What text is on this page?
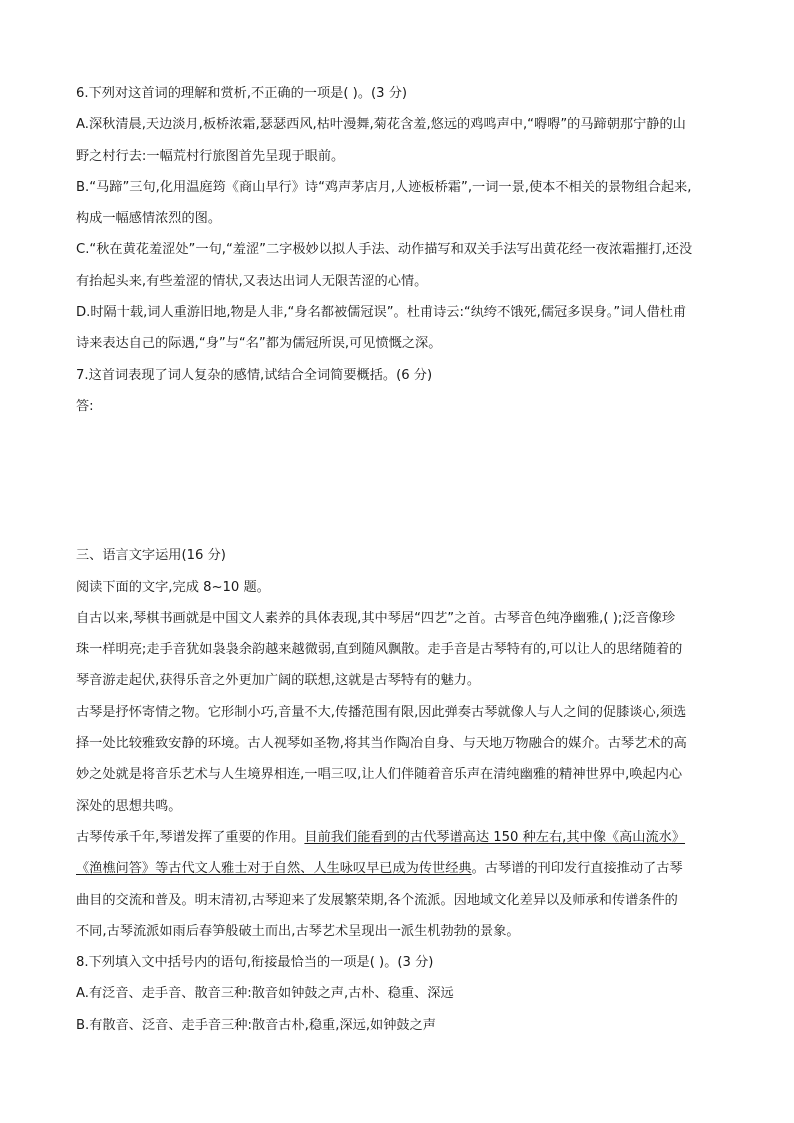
6.下列对这首词的理解和赏析,不正确的一项是( )。(3 分)
A.深秋清晨,天边淡月,板桥浓霜,瑟瑟西风,枯叶漫舞,菊花含羞,悠远的鸡鸣声中,“嘚嘚”的马蹄朝那宁静的山
野之村行去:一幅荒村行旅图首先呈现于眼前。
B.“马蹄”三句,化用温庭筠《商山早行》诗“鸡声茅店月,人迹板桥霜”,一词一景,使本不相关的景物组合起来,
构成一幅感情浓烈的图。
C.“秋在黄花羞涩处”一句,“羞涩”二字极妙以拟人手法、动作描写和双关手法写出黄花经一夜浓霜摧打,还没
有抬起头来,有些羞涩的情状,又表达出词人无限苦涩的心情。
D.时隔十载,词人重游旧地,物是人非,“身名都被儒冠误”。杜甫诗云:“纨绔不饿死,儒冠多误身。”词人借杜甫
诗来表达自己的际遇,“身”与“名”都为儒冠所误,可见愤慨之深。
7.这首词表现了词人复杂的感情,试结合全词简要概括。(6 分)
答:
三、语言文字运用(16 分)
阅读下面的文字,完成 8~10 题。
自古以来,琴棋书画就是中国文人素养的具体表现,其中琴居“四艺”之首。古琴音色纯净幽雅,( );泛音像珍
珠一样明亮;走手音犹如袅袅余韵越来越微弱,直到随风飘散。走手音是古琴特有的,可以让人的思绪随着的
琴音游走起伏,获得乐音之外更加广阔的联想,这就是古琴特有的魅力。
古琴是抒怀寄情之物。它形制小巧,音量不大,传播范围有限,因此弹奏古琴就像人与人之间的促膝谈心,须选
择一处比较雅致安静的环境。古人视琴如圣物,将其当作陶冶自身、与天地万物融合的媒介。古琴艺术的高
妙之处就是将音乐艺术与人生境界相连,一唱三叹,让人们伴随着音乐声在清纯幽雅的精神世界中,唤起内心
深处的思想共鸣。
古琴传承千年,琴谱发挥了重要的作用。目前我们能看到的古代琴谱高达 150 种左右,其中像《高山流水》
《渔樵问答》等古代文人雅士对于自然、人生咏叹早已成为传世经典。古琴谱的刊印发行直接推动了古琴
曲目的交流和普及。明末清初,古琴迎来了发展繁荣期,各个流派。因地域文化差异以及师承和传谱条件的
不同,古琴流派如雨后春笋般破土而出,古琴艺术呈现出一派生机勃勃的景象。
8.下列填入文中括号内的语句,衔接最恰当的一项是( )。(3 分)
A.有泛音、走手音、散音三种:散音如钟鼓之声,古朴、稳重、深远
B.有散音、泛音、走手音三种:散音古朴,稳重,深远,如钟鼓之声
